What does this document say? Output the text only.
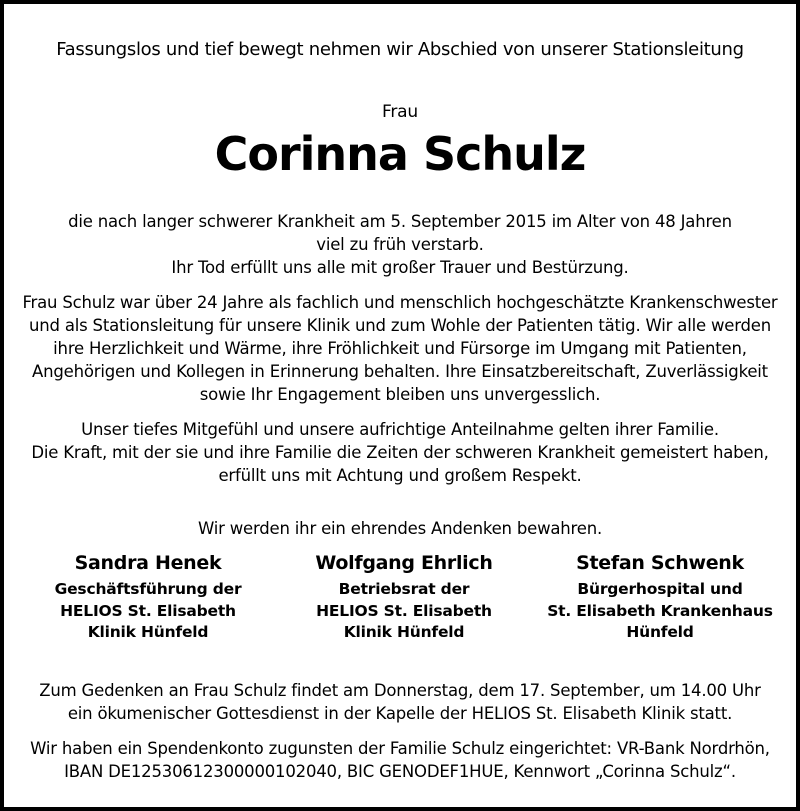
Fassungslos und tief bewegt nehmen wir Abschied von unserer Stationsleitung
Frau
Corinna Schulz
die nach langer schwerer Krankheit am 5. September 2015 im Alter von 48 Jahren
viel zu früh verstarb.
Ihr Tod erfüllt uns alle mit großer Trauer und Bestürzung.
Frau Schulz war über 24 Jahre als fachlich und menschlich hochgeschätzte Krankenschwester
und als Stationsleitung für unsere Klinik und zum Wohle der Patienten tätig. Wir alle werden
ihre Herzlichkeit und Wärme, ihre Fröhlichkeit und Fürsorge im Umgang mit Patienten,
Angehörigen und Kollegen in Erinnerung behalten. Ihre Einsatzbereitschaft, Zuverlässigkeit
sowie Ihr Engagement bleiben uns unvergesslich.
Unser tiefes Mitgefühl und unsere aufrichtige Anteilnahme gelten ihrer Familie.
Die Kraft, mit der sie und ihre Familie die Zeiten der schweren Krankheit gemeistert haben,
erfüllt uns mit Achtung und großem Respekt.
Wir werden ihr ein ehrendes Andenken bewahren.
Sandra Henek
Geschäftsführung der
HELIOS St. Elisabeth
Klinik Hünfeld
Wolfgang Ehrlich
Betriebsrat der
HELIOS St. Elisabeth
Klinik Hünfeld
Stefan Schwenk
Bürgerhospital und
St. Elisabeth Krankenhaus
Hünfeld
Zum Gedenken an Frau Schulz findet am Donnerstag, dem 17. September, um 14.00 Uhr
ein ökumenischer Gottesdienst in der Kapelle der HELIOS St. Elisabeth Klinik statt.
Wir haben ein Spendenkonto zugunsten der Familie Schulz eingerichtet: VR-Bank Nordrhön,
IBAN DE12530612300000102040, BIC GENODEF1HUE, Kennwort „Corinna Schulz“.
